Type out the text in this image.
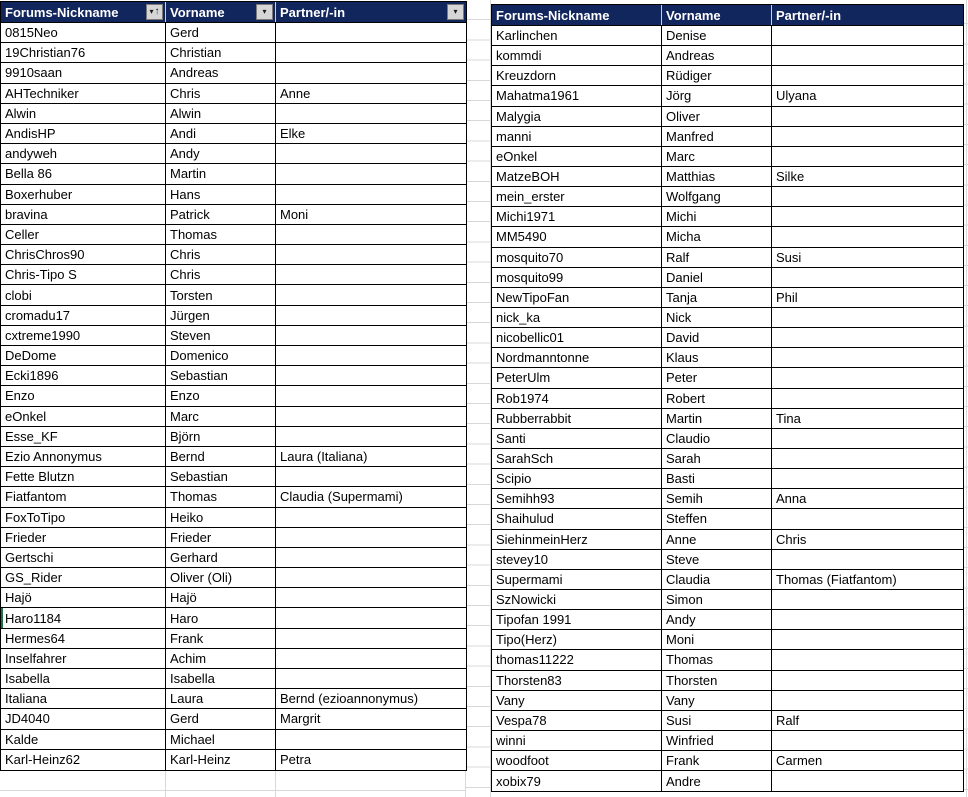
Forums-Nickname	▾ ↑ Vorname	▾ Partner/-in	▾
0815Neo	Gerd
19Christian76	Christian
9910saan	Andreas
AHTechniker	Chris	Anne
Alwin	Alwin
AndisHP	Andi	Elke
andyweh	Andy
Bella 86	Martin
Boxerhuber	Hans
bravina	Patrick	Moni
Celler	Thomas
ChrisChros90	Chris
Chris-Tipo S	Chris
clobi	Torsten
cromadu17	Jürgen
cxtreme1990	Steven
DeDome	Domenico
Ecki1896	Sebastian
Enzo	Enzo
eOnkel	Marc
Esse_KF	Björn
Ezio Annonymus	Bernd	Laura (Italiana)
Fette Blutzn	Sebastian
Fiatfantom	Thomas	Claudia (Supermami)
FoxToTipo	Heiko
Frieder	Frieder
Gertschi	Gerhard
GS_Rider	Oliver (Oli)
Hajö	Hajö
Haro1184	Haro
Hermes64	Frank
Inselfahrer	Achim
Isabella	Isabella
Italiana	Laura	Bernd (ezioannonymus)
JD4040	Gerd	Margrit
Kalde	Michael
Karl-Heinz62	Karl-Heinz	Petra
Forums-Nickname	Vorname	Partner/-in
Karlinchen	Denise
kommdi	Andreas
Kreuzdorn	Rüdiger
Mahatma1961	Jörg	Ulyana
Malygia	Oliver
manni	Manfred
eOnkel	Marc
MatzeBOH	Matthias	Silke
mein_erster	Wolfgang
Michi1971	Michi
MM5490	Micha
mosquito70	Ralf	Susi
mosquito99	Daniel
NewTipoFan	Tanja	Phil
nick_ka	Nick
nicobellic01	David
Nordmanntonne	Klaus
PeterUlm	Peter
Rob1974	Robert
Rubberrabbit	Martin	Tina
Santi	Claudio
SarahSch	Sarah
Scipio	Basti
Semihh93	Semih	Anna
Shaihulud	Steffen
SiehinmeinHerz	Anne	Chris
stevey10	Steve
Supermami	Claudia	Thomas (Fiatfantom)
SzNowicki	Simon
Tipofan 1991	Andy
Tipo(Herz)	Moni
thomas11222	Thomas
Thorsten83	Thorsten
Vany	Vany
Vespa78	Susi	Ralf
winni	Winfried
woodfoot	Frank	Carmen
xobix79	Andre
